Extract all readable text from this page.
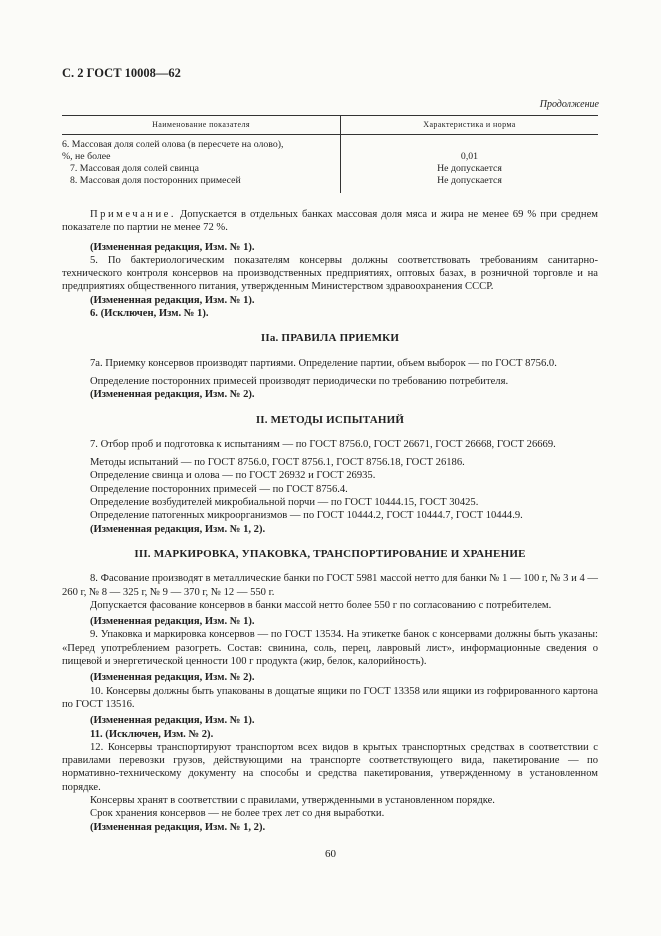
С. 2 ГОСТ 10008—62
Продолжение
Наименование показателя	Характеристика и норма
6. Массовая доля солей олова (в пересчете на олово),	
%, не более	0,01
7. Массовая доля солей свинца	Не допускается
8. Массовая доля посторонних примесей	Не допускается

Примечание. Допускается в отдельных банках массовая доля мяса и жира не менее 69 % при среднем показателе по партии не менее 72 %.

(Измененная редакция, Изм. № 1).

5. По бактериологическим показателям консервы должны соответствовать требованиям санитарно-технического контроля консервов на производственных предприятиях, оптовых базах, в розничной торговле и на предприятиях общественного питания, утвержденным Министерством здравоохранения СССР.

(Измененная редакция, Изм. № 1).

6. (Исключен, Изм. № 1).

IIa. ПРАВИЛА ПРИЕМКИ

7а. Приемку консервов производят партиями. Определение партии, объем выборок — по ГОСТ 8756.0.

Определение посторонних примесей производят периодически по требованию потребителя.

(Измененная редакция, Изм. № 2).

II. МЕТОДЫ ИСПЫТАНИЙ

7. Отбор проб и подготовка к испытаниям — по ГОСТ 8756.0, ГОСТ 26671, ГОСТ 26668, ГОСТ 26669.

Методы испытаний — по ГОСТ 8756.0, ГОСТ 8756.1, ГОСТ 8756.18, ГОСТ 26186.

Определение свинца и олова — по ГОСТ 26932 и ГОСТ 26935.

Определение посторонних примесей — по ГОСТ 8756.4.

Определение возбудителей микробиальной порчи — по ГОСТ 10444.15, ГОСТ 30425.

Определение патогенных микроорганизмов — по ГОСТ 10444.2, ГОСТ 10444.7, ГОСТ 10444.9.

(Измененная редакция, Изм. № 1, 2).

III. МАРКИРОВКА, УПАКОВКА, ТРАНСПОРТИРОВАНИЕ И ХРАНЕНИЕ

8. Фасование производят в металлические банки по ГОСТ 5981 массой нетто для банки № 1 — 100 г, № 3 и 4 — 260 г, № 8 — 325 г, № 9 — 370 г, № 12 — 550 г.

Допускается фасование консервов в банки массой нетто более 550 г по согласованию с потребителем.

(Измененная редакция, Изм. № 1).

9. Упаковка и маркировка консервов — по ГОСТ 13534. На этикетке банок с консервами должны быть указаны: «Перед употреблением разогреть. Состав: свинина, соль, перец, лавровый лист», информационные сведения о пищевой и энергетической ценности 100 г продукта (жир, белок, калорийность).

(Измененная редакция, Изм. № 2).

10. Консервы должны быть упакованы в дощатые ящики по ГОСТ 13358 или ящики из гофрированного картона по ГОСТ 13516.

(Измененная редакция, Изм. № 1).

11. (Исключен, Изм. № 2).

12. Консервы транспортируют транспортом всех видов в крытых транспортных средствах в соответствии с правилами перевозки грузов, действующими на транспорте соответствующего вида, пакетирование — по нормативно-техническому документу на способы и средства пакетирования, утвержденному в установленном порядке.

Консервы хранят в соответствии с правилами, утвержденными в установленном порядке.

Срок хранения консервов — не более трех лет со дня выработки.

(Измененная редакция, Изм. № 1, 2).

60
